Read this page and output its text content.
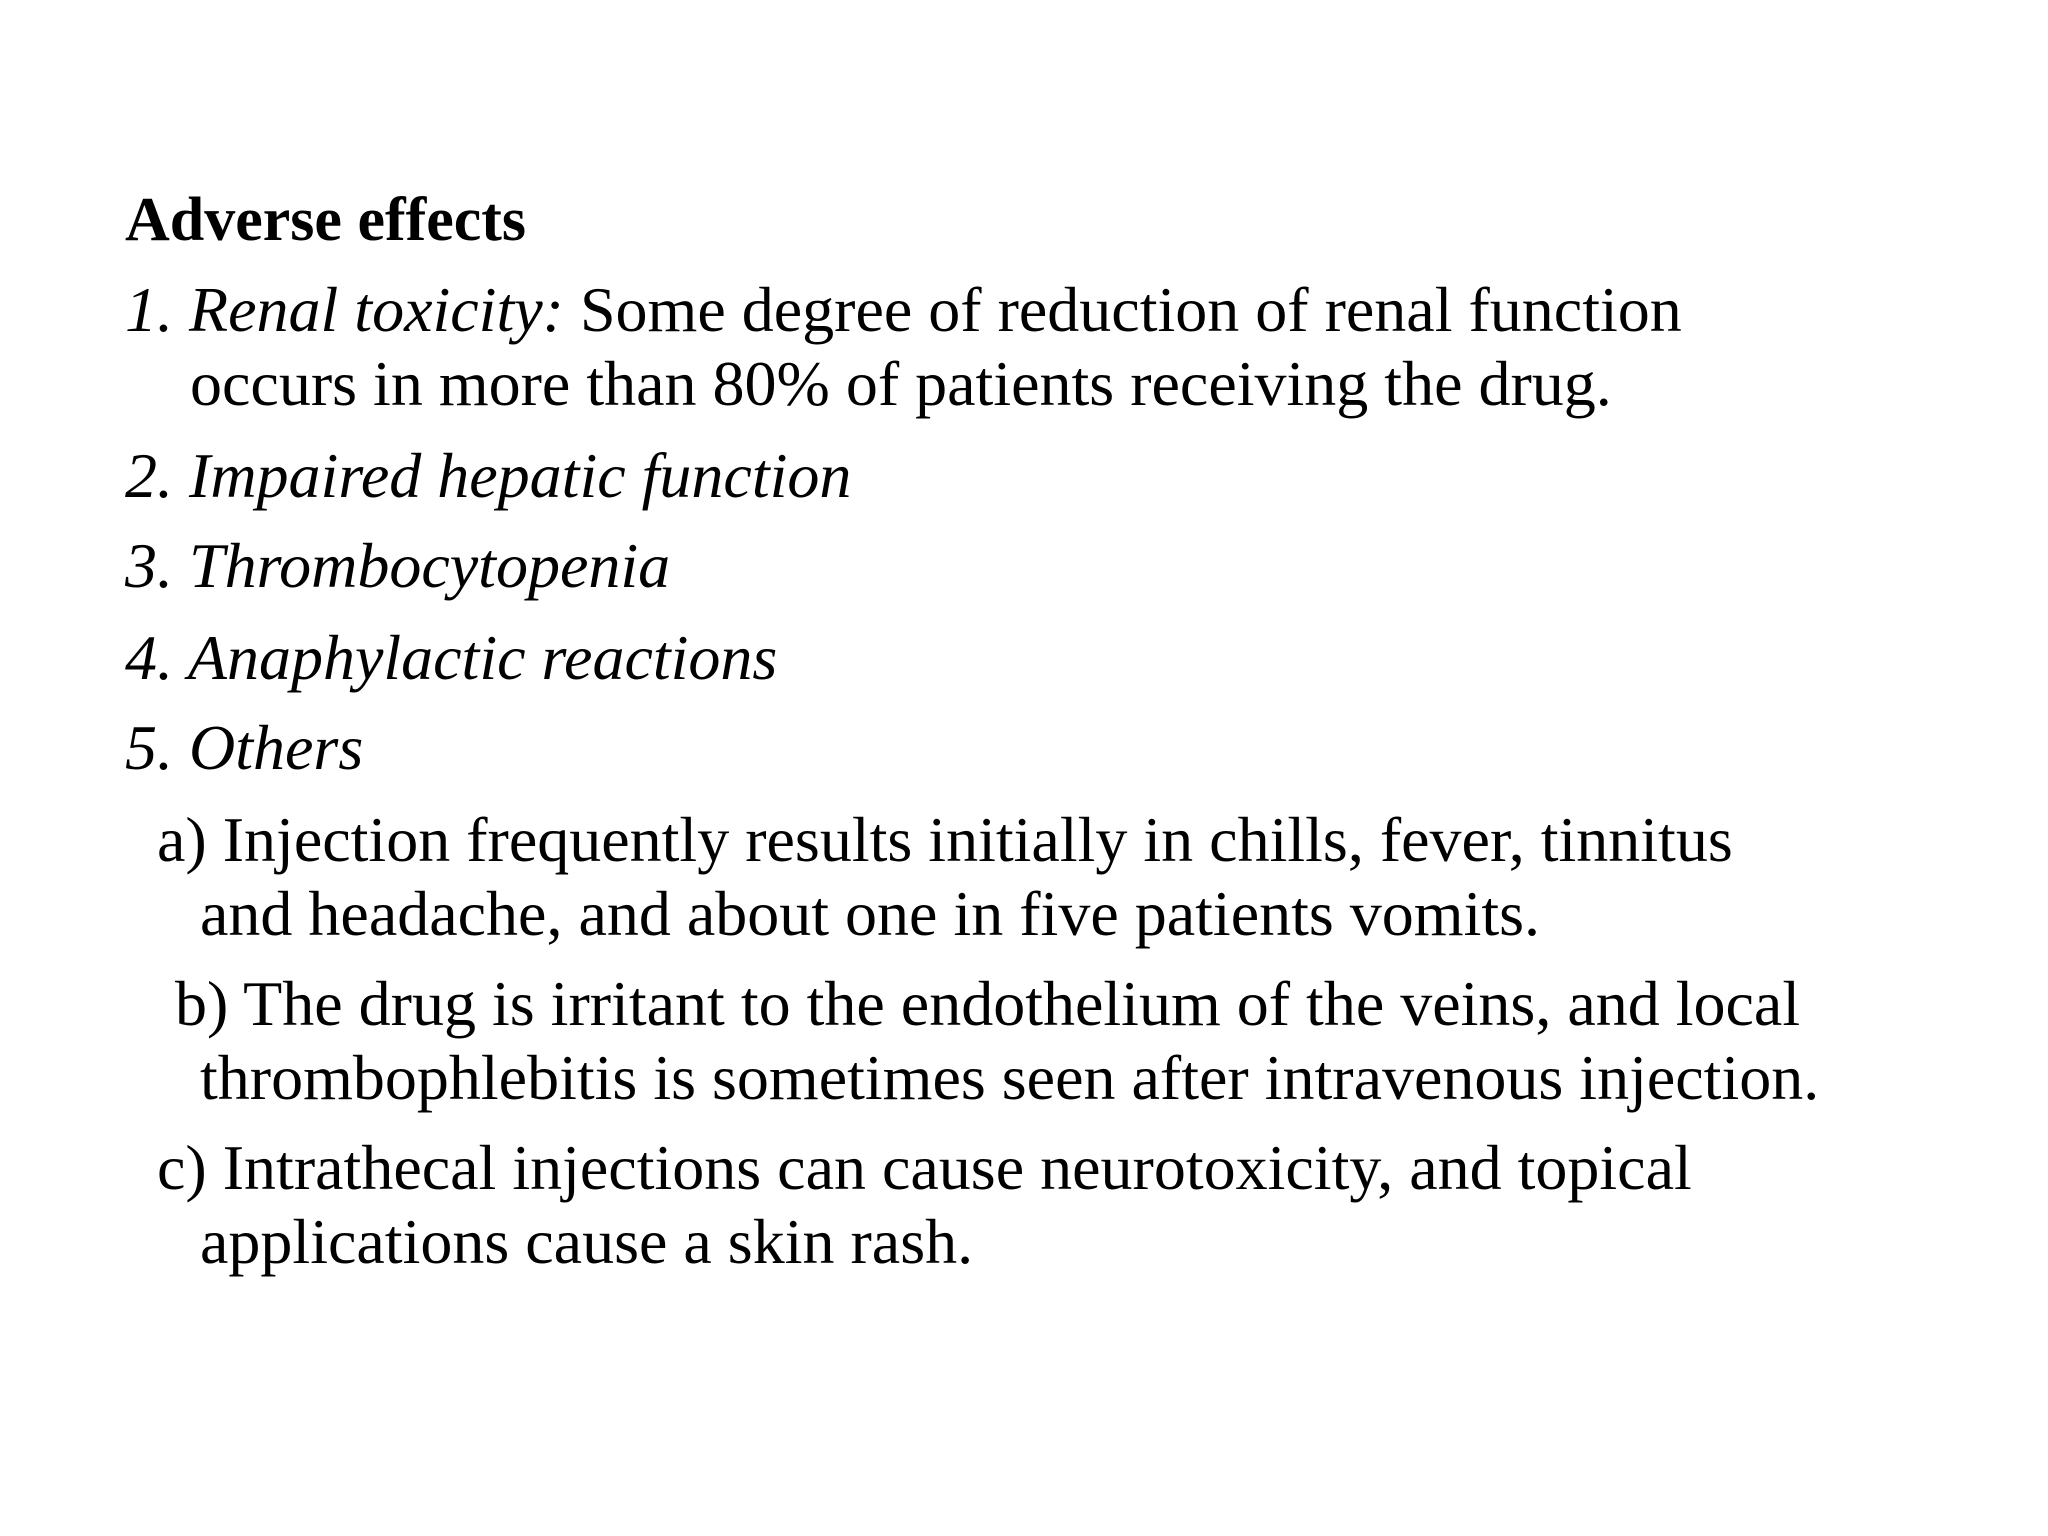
Adverse effects
1. Renal toxicity: Some degree of reduction of renal function
occurs in more than 80% of patients receiving the drug.
2. Impaired hepatic function
3. Thrombocytopenia
4. Anaphylactic reactions
5. Others
a) Injection frequently results initially in chills, fever, tinnitus
and headache, and about one in five patients vomits.
b) The drug is irritant to the endothelium of the veins, and local
thrombophlebitis is sometimes seen after intravenous injection.
c) Intrathecal injections can cause neurotoxicity, and topical
applications cause a skin rash.
